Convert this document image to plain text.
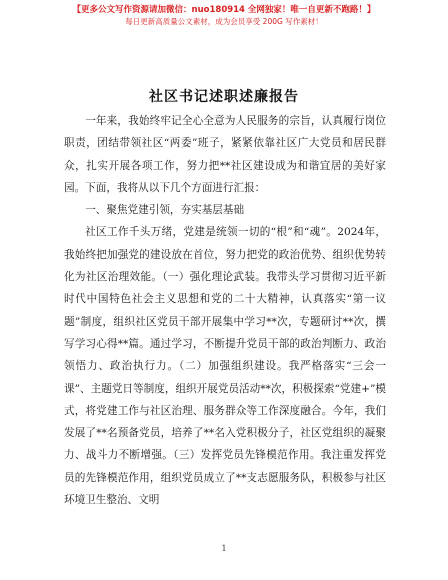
【更多公文写作资源请加微信：nuo180914 全网独家！唯一自更新不跑路！】
每日更新高质量公文素材，成为会员享受 200G 写作素材！
社区书记述职述廉报告

一年来，我始终牢记全心全意为人民服务的宗旨，认真履行岗位职责，团结带领社区“两委”班子，紧紧依靠社区广大党员和居民群众，扎实开展各项工作，努力把**社区建设成为和谐宜居的美好家园。下面，我将从以下几个方面进行汇报：

一、聚焦党建引领，夯实基层基础

社区工作千头万绪，党建是统领一切的“根”和“魂”。2024年，我始终把加强党的建设放在首位，努力把党的政治优势、组织优势转化为社区治理效能。（一）强化理论武装。我带头学习贯彻习近平新时代中国特色社会主义思想和党的二十大精神，认真落实“第一议题”制度，组织社区党员干部开展集中学习**次，专题研讨**次，撰写学习心得**篇。通过学习，不断提升党员干部的政治判断力、政治领悟力、政治执行力。（二）加强组织建设。我严格落实“三会一课”、主题党日等制度，组织开展党员活动**次，积极探索“党建+”模式，将党建工作与社区治理、服务群众等工作深度融合。今年，我们发展了**名预备党员，培养了**名入党积极分子，社区党组织的凝聚力、战斗力不断增强。（三）发挥党员先锋模范作用。我注重发挥党员的先锋模范作用，组织党员成立了**支志愿服务队，积极参与社区环境卫生整治、文明

1
